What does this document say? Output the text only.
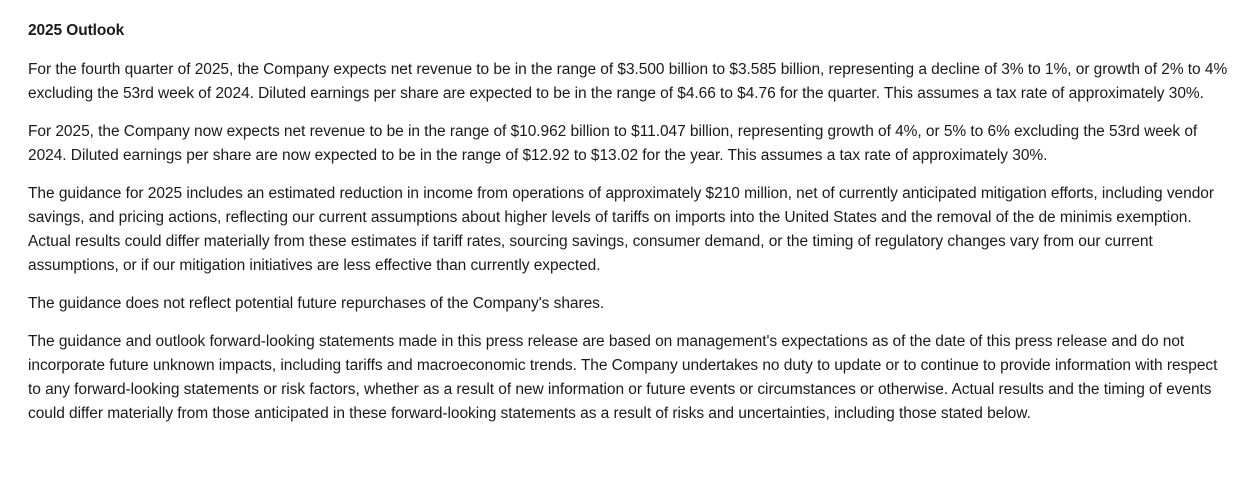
2025 Outlook

For the fourth quarter of 2025, the Company expects net revenue to be in the range of $3.500 billion to $3.585 billion, representing a decline of 3% to 1%, or growth of 2% to 4% excluding the 53rd week of 2024. Diluted earnings per share are expected to be in the range of $4.66 to $4.76 for the quarter. This assumes a tax rate of approximately 30%.

For 2025, the Company now expects net revenue to be in the range of $10.962 billion to $11.047 billion, representing growth of 4%, or 5% to 6% excluding the 53rd week of 2024. Diluted earnings per share are now expected to be in the range of $12.92 to $13.02 for the year. This assumes a tax rate of approximately 30%.

The guidance for 2025 includes an estimated reduction in income from operations of approximately $210 million, net of currently anticipated mitigation efforts, including vendor savings, and pricing actions, reflecting our current assumptions about higher levels of tariffs on imports into the United States and the removal of the de minimis exemption. Actual results could differ materially from these estimates if tariff rates, sourcing savings, consumer demand, or the timing of regulatory changes vary from our current assumptions, or if our mitigation initiatives are less effective than currently expected.

The guidance does not reflect potential future repurchases of the Company's shares.

The guidance and outlook forward-looking statements made in this press release are based on management's expectations as of the date of this press release and do not incorporate future unknown impacts, including tariffs and macroeconomic trends. The Company undertakes no duty to update or to continue to provide information with respect to any forward-looking statements or risk factors, whether as a result of new information or future events or circumstances or otherwise. Actual results and the timing of events could differ materially from those anticipated in these forward-looking statements as a result of risks and uncertainties, including those stated below.
